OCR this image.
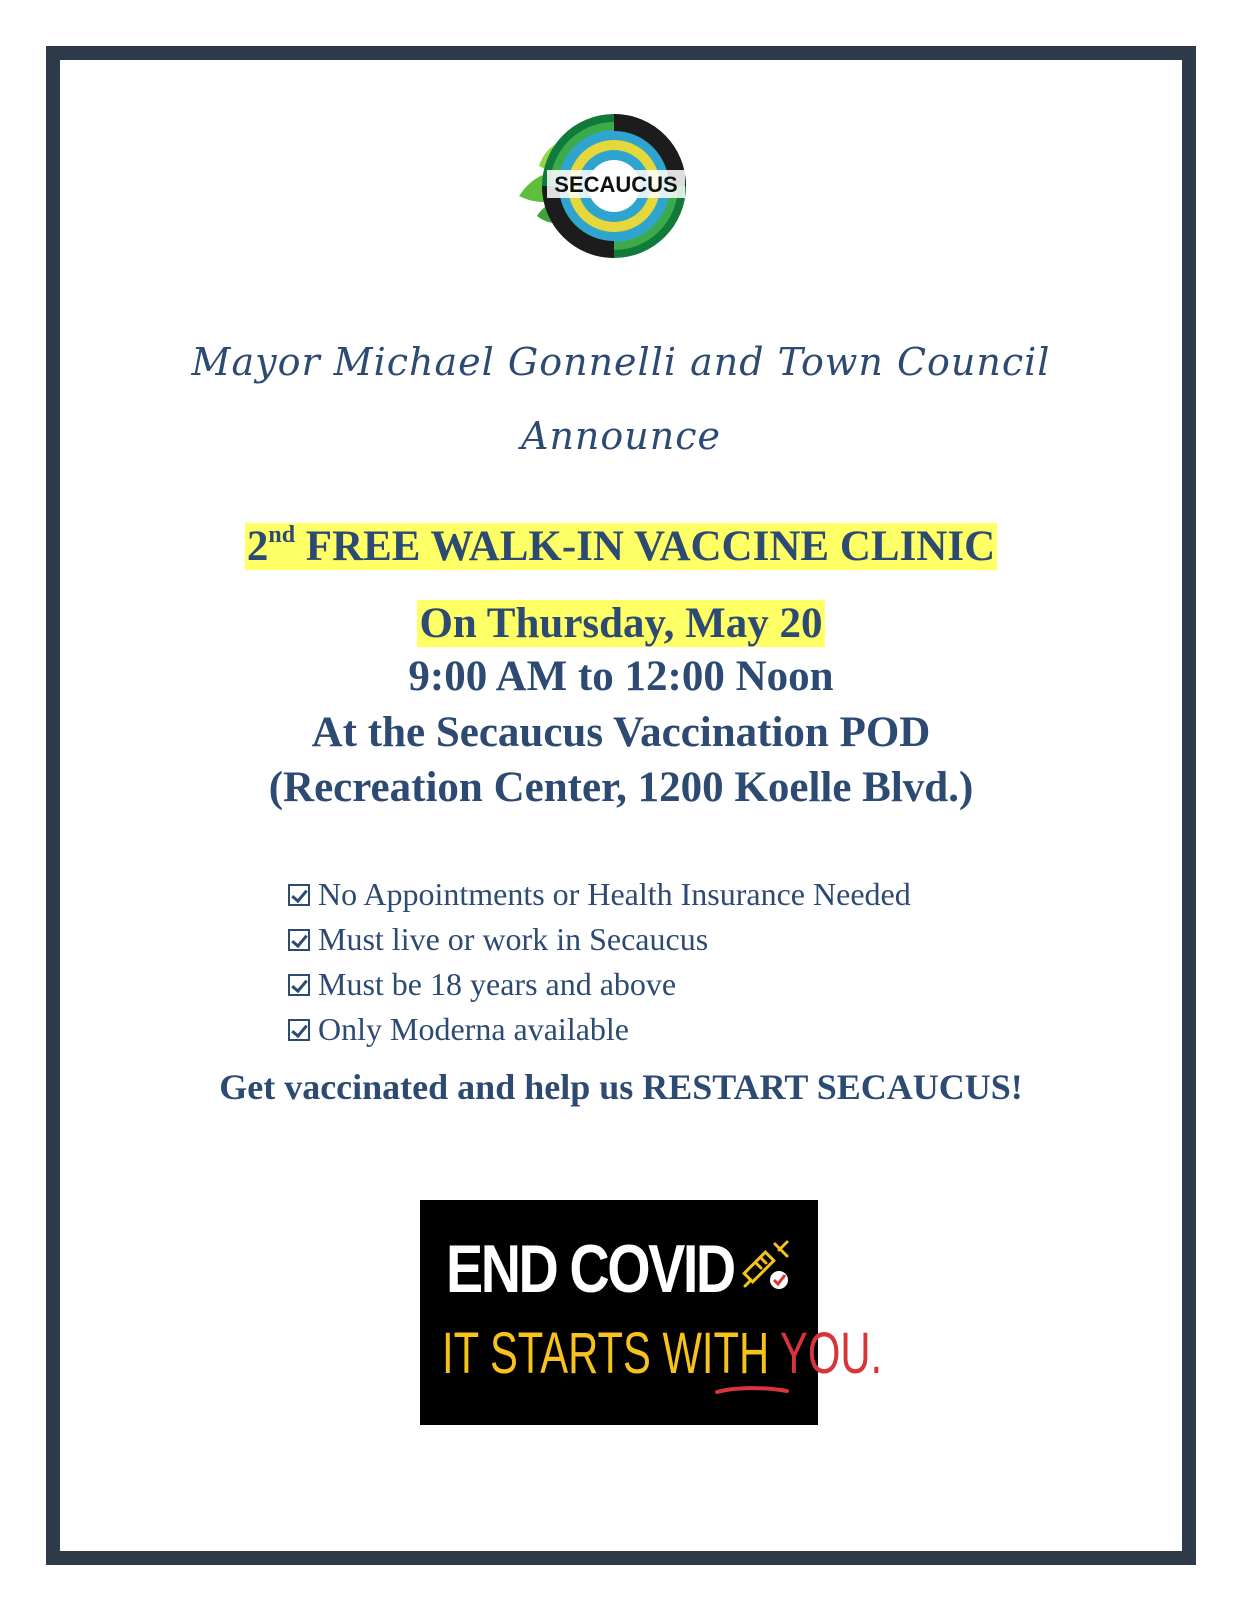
SECAUCUS
Mayor Michael Gonnelli and Town Council
Announce
2nd FREE WALK-IN VACCINE CLINIC
On Thursday, May 20
9:00 AM to 12:00 Noon
At the Secaucus Vaccination POD
(Recreation Center, 1200 Koelle Blvd.)
No Appointments or Health Insurance Needed
Must live or work in Secaucus
Must be 18 years and above
Only Moderna available
Get vaccinated and help us RESTART SECAUCUS!
END COVID
IT STARTS WITH YOU.
